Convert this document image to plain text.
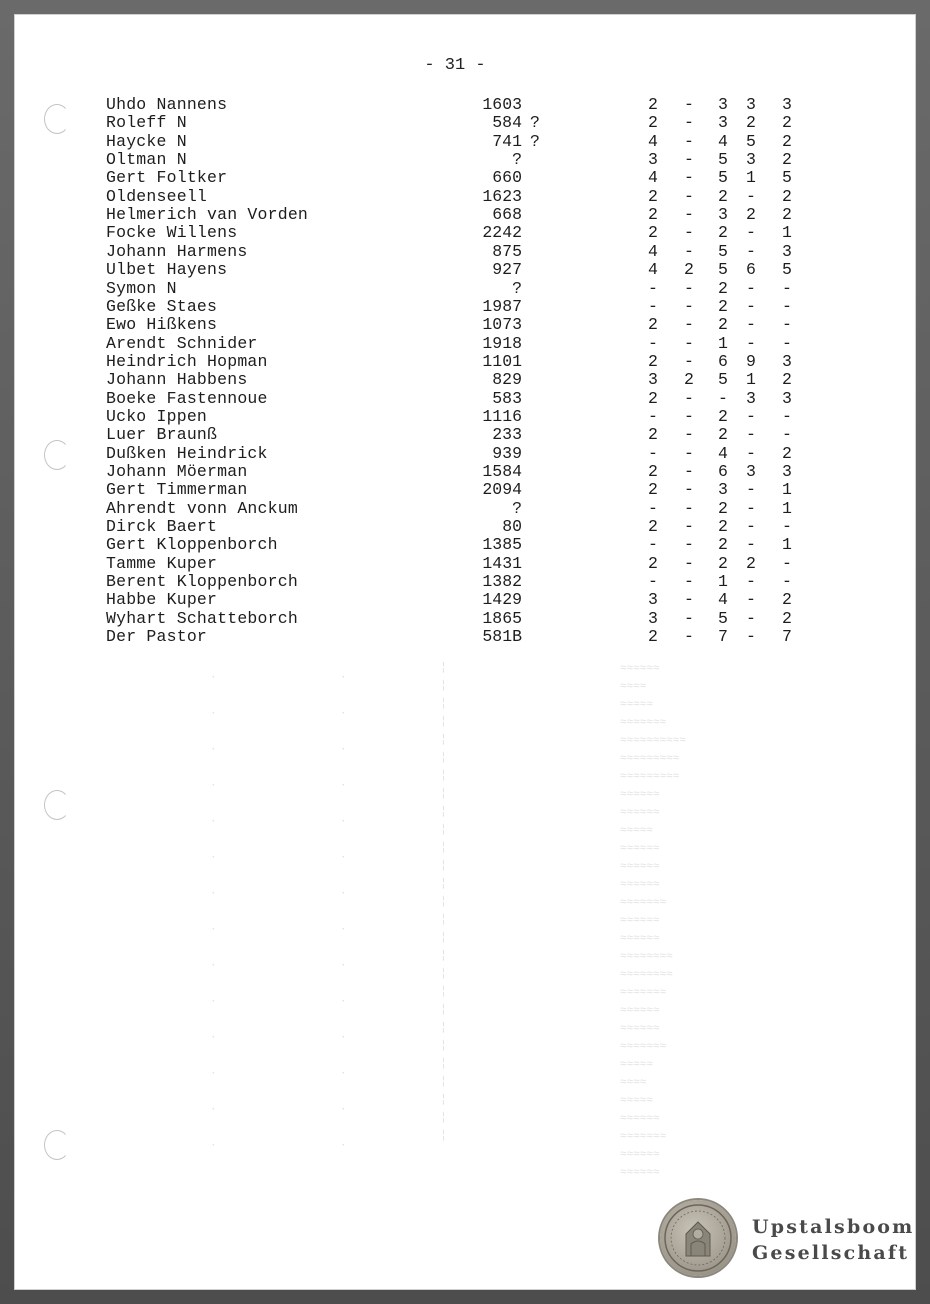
╎
╎
╎
╎
╎
╎
╎
╎
╎
╎
╎
╎
╎
╎
╎
╎
╎
╎
╎
╎
╎
╎
╎
╎
╎
╎
╎
·
·
·
·
·
·
·
·
·
·
·
·
·
·
·
·
·
·
·
·
·
·
·
·
·
·
·
·
≈≈≈≈≈≈
≈≈≈≈
≈≈≈≈≈
≈≈≈≈≈≈≈
≈≈≈≈≈≈≈≈≈≈
≈≈≈≈≈≈≈≈≈
≈≈≈≈≈≈≈≈≈
≈≈≈≈≈≈
≈≈≈≈≈≈
≈≈≈≈≈
≈≈≈≈≈≈
≈≈≈≈≈≈
≈≈≈≈≈≈
≈≈≈≈≈≈≈
≈≈≈≈≈≈
≈≈≈≈≈≈
≈≈≈≈≈≈≈≈
≈≈≈≈≈≈≈≈
≈≈≈≈≈≈≈
≈≈≈≈≈≈
≈≈≈≈≈≈
≈≈≈≈≈≈≈
≈≈≈≈≈
≈≈≈≈
≈≈≈≈≈
≈≈≈≈≈≈
≈≈≈≈≈≈≈
≈≈≈≈≈≈
≈≈≈≈≈≈
- 31 -
Uhdo Nannens	1603	2 - 3 3 3
Roleff N	584 ?	2 - 3 2 2
Haycke N	741 ?	4 - 4 5 2
Oltman N	?	3 - 5 3 2
Gert Foltker	660	4 - 5 1 5
Oldenseell	1623	2 - 2 - 2
Helmerich van Vorden	668	2 - 3 2 2
Focke Willens	2242	2 - 2 - 1
Johann Harmens	875	4 - 5 - 3
Ulbet Hayens	927	4 2 5 6 5
Symon N	?	- - 2 - -
Geßke Staes	1987	- - 2 - -
Ewo Hißkens	1073	2 - 2 - -
Arendt Schnider	1918	- - 1 - -
Heindrich Hopman	1101	2 - 6 9 3
Johann Habbens	829	3 2 5 1 2
Boeke Fastennoue	583	2 - - 3 3
Ucko Ippen	1116	- - 2 - -
Luer Braunß	233	2 - 2 - -
Dußken Heindrick	939	- - 4 - 2
Johann Möerman	1584	2 - 6 3 3
Gert Timmerman	2094	2 - 3 - 1
Ahrendt vonn Anckum	?	- - 2 - 1
Dirck Baert	80	2 - 2 - -
Gert Kloppenborch	1385	- - 2 - 1
Tamme Kuper	1431	2 - 2 2 -
Berent Kloppenborch	1382	- - 1 - -
Habbe Kuper	1429	3 - 4 - 2
Wyhart Schatteborch	1865	3 - 5 - 2
Der Pastor	581B	2 - 7 - 7
Upstalsboom
Gesellschaft
